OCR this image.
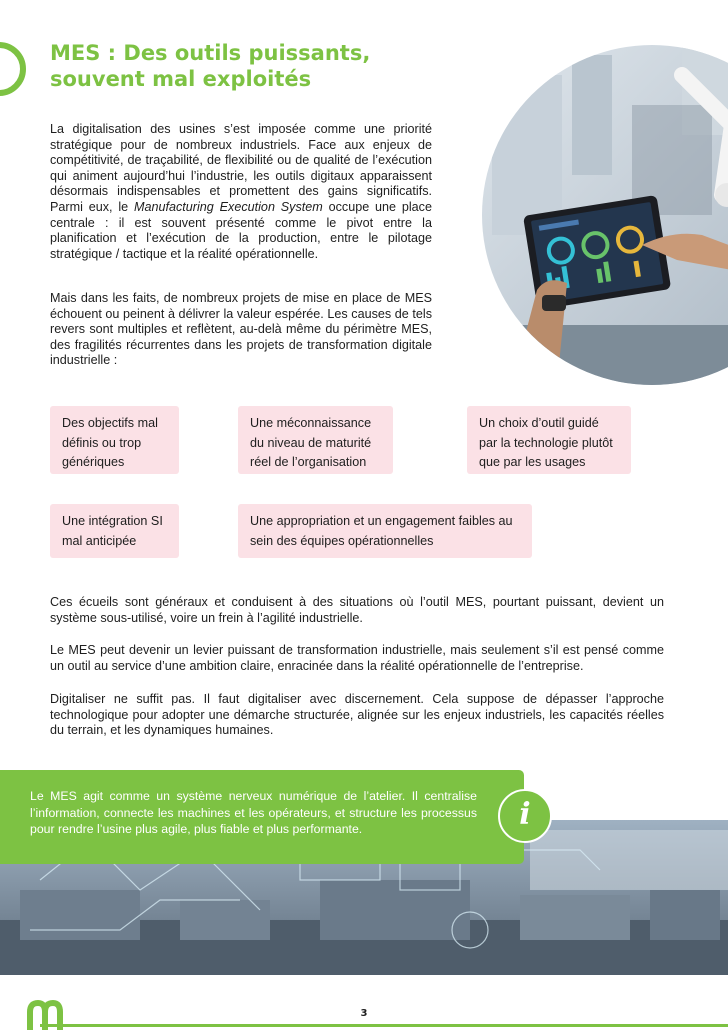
MES : Des outils puissants,
souvent mal exploités

La digitalisation des usines s’est imposée comme une priorité stratégique pour de nombreux industriels. Face aux enjeux de compétitivité, de traçabilité, de flexibilité ou de qualité de l’exécution qui animent aujourd’hui l’industrie, les outils digitaux apparaissent désormais indispensables et promettent des gains significatifs. Parmi eux, le Manufacturing Execution System occupe une place centrale : il est souvent présenté comme le pivot entre la planification et l’exécution de la production, entre le pilotage stratégique / tactique et la réalité opérationnelle.

Mais dans les faits, de nombreux projets de mise en place de MES échouent ou peinent à délivrer la valeur espérée. Les causes de tels revers sont multiples et reflètent, au-delà même du périmètre MES, des fragilités récurrentes dans les projets de transformation digitale industrielle :

Des objectifs mal définis ou trop génériques
Une méconnaissance du niveau de maturité réel de l’organisation
Un choix d’outil guidé par la technologie plutôt que par les usages
Une intégration SI mal anticipée
Une appropriation et un engagement faibles au sein des équipes opérationnelles

Ces écueils sont généraux et conduisent à des situations où l’outil MES, pourtant puissant, devient un système sous-utilisé, voire un frein à l’agilité industrielle.

Le MES peut devenir un levier puissant de transformation industrielle, mais seulement s’il est pensé comme un outil au service d’une ambition claire, enracinée dans la réalité opérationnelle de l’entreprise.

Digitaliser ne suffit pas. Il faut digitaliser avec discernement. Cela suppose de dépasser l’approche technologique pour adopter une démarche structurée, alignée sur les enjeux industriels, les capacités réelles du terrain, et les dynamiques humaines.

Le MES agit comme un système nerveux numérique de l’atelier. Il centralise l’information, connecte les machines et les opérateurs, et structure les processus pour rendre l’usine plus agile, plus fiable et plus performante.	i
3
